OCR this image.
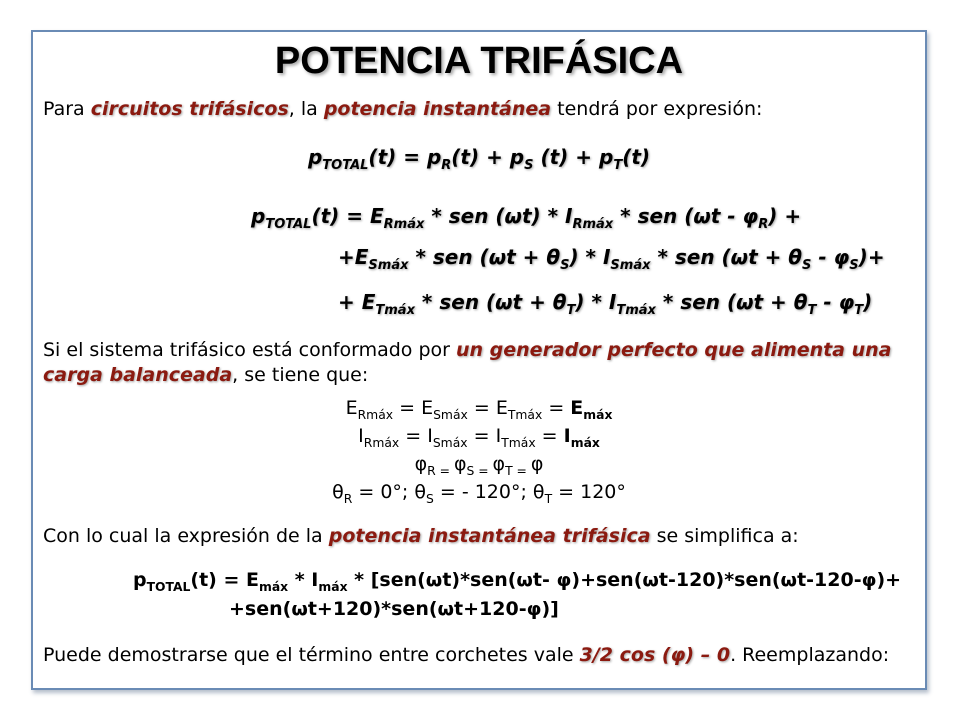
POTENCIA TRIFÁSICA
Para circuitos trifásicos, la potencia instantánea tendrá por expresión:
$p_{TOTAL}(t) = p_R(t) + p_S$ $(t) + p_T(t)$
$p_{TOTAL}(t) = E_{Rmáx}$ * sen $(\omega t) * I_{Rmáx}$ * sen $(\omega t - \varphi_R)$ +
$+E_{Smáx}$ * sen $(\omega t + \theta_S) * I_{Smáx}$ * sen $(\omega t + \theta_S - \varphi_S)+$
+ $E_{Tmáx}$ * sen $(\omega t + \theta_T) * I_{Tmáx}$ * sen $(\omega t + \theta_T - \varphi_T)$
Si el sistema trifásico está conformado por un generador perfecto que alimenta una
carga balanceada, se tiene que:
$E_{Rmáx} = E_{Smáx} = E_{Tmáx} = E_{máx}$
$I_{Rmáx} = I_{Smáx} = I_{Tmáx} = I_{máx}$
$\varphi_{R =}$ $\varphi_{S =}$ $\varphi_{T =}$ φ
$\theta_R = 0^\circ$; $\theta_S$ = - 120°; $\theta_T = 120^\circ$
Con lo cual la expresión de la potencia instantánea trifásica se simplifica a:
$p_{TOTAL}(t) = E_{máx} * I_{máx} * [sen(\omega t)*sen(\omega t-$ φ)+sen(ωt-120)*sen(ωt-120-φ)+
+sen(ωt+120)*sen(ωt+120-φ)]
Puede demostrarse que el término entre corchetes vale 3/2 cos (φ) – 0. Reemplazando:
